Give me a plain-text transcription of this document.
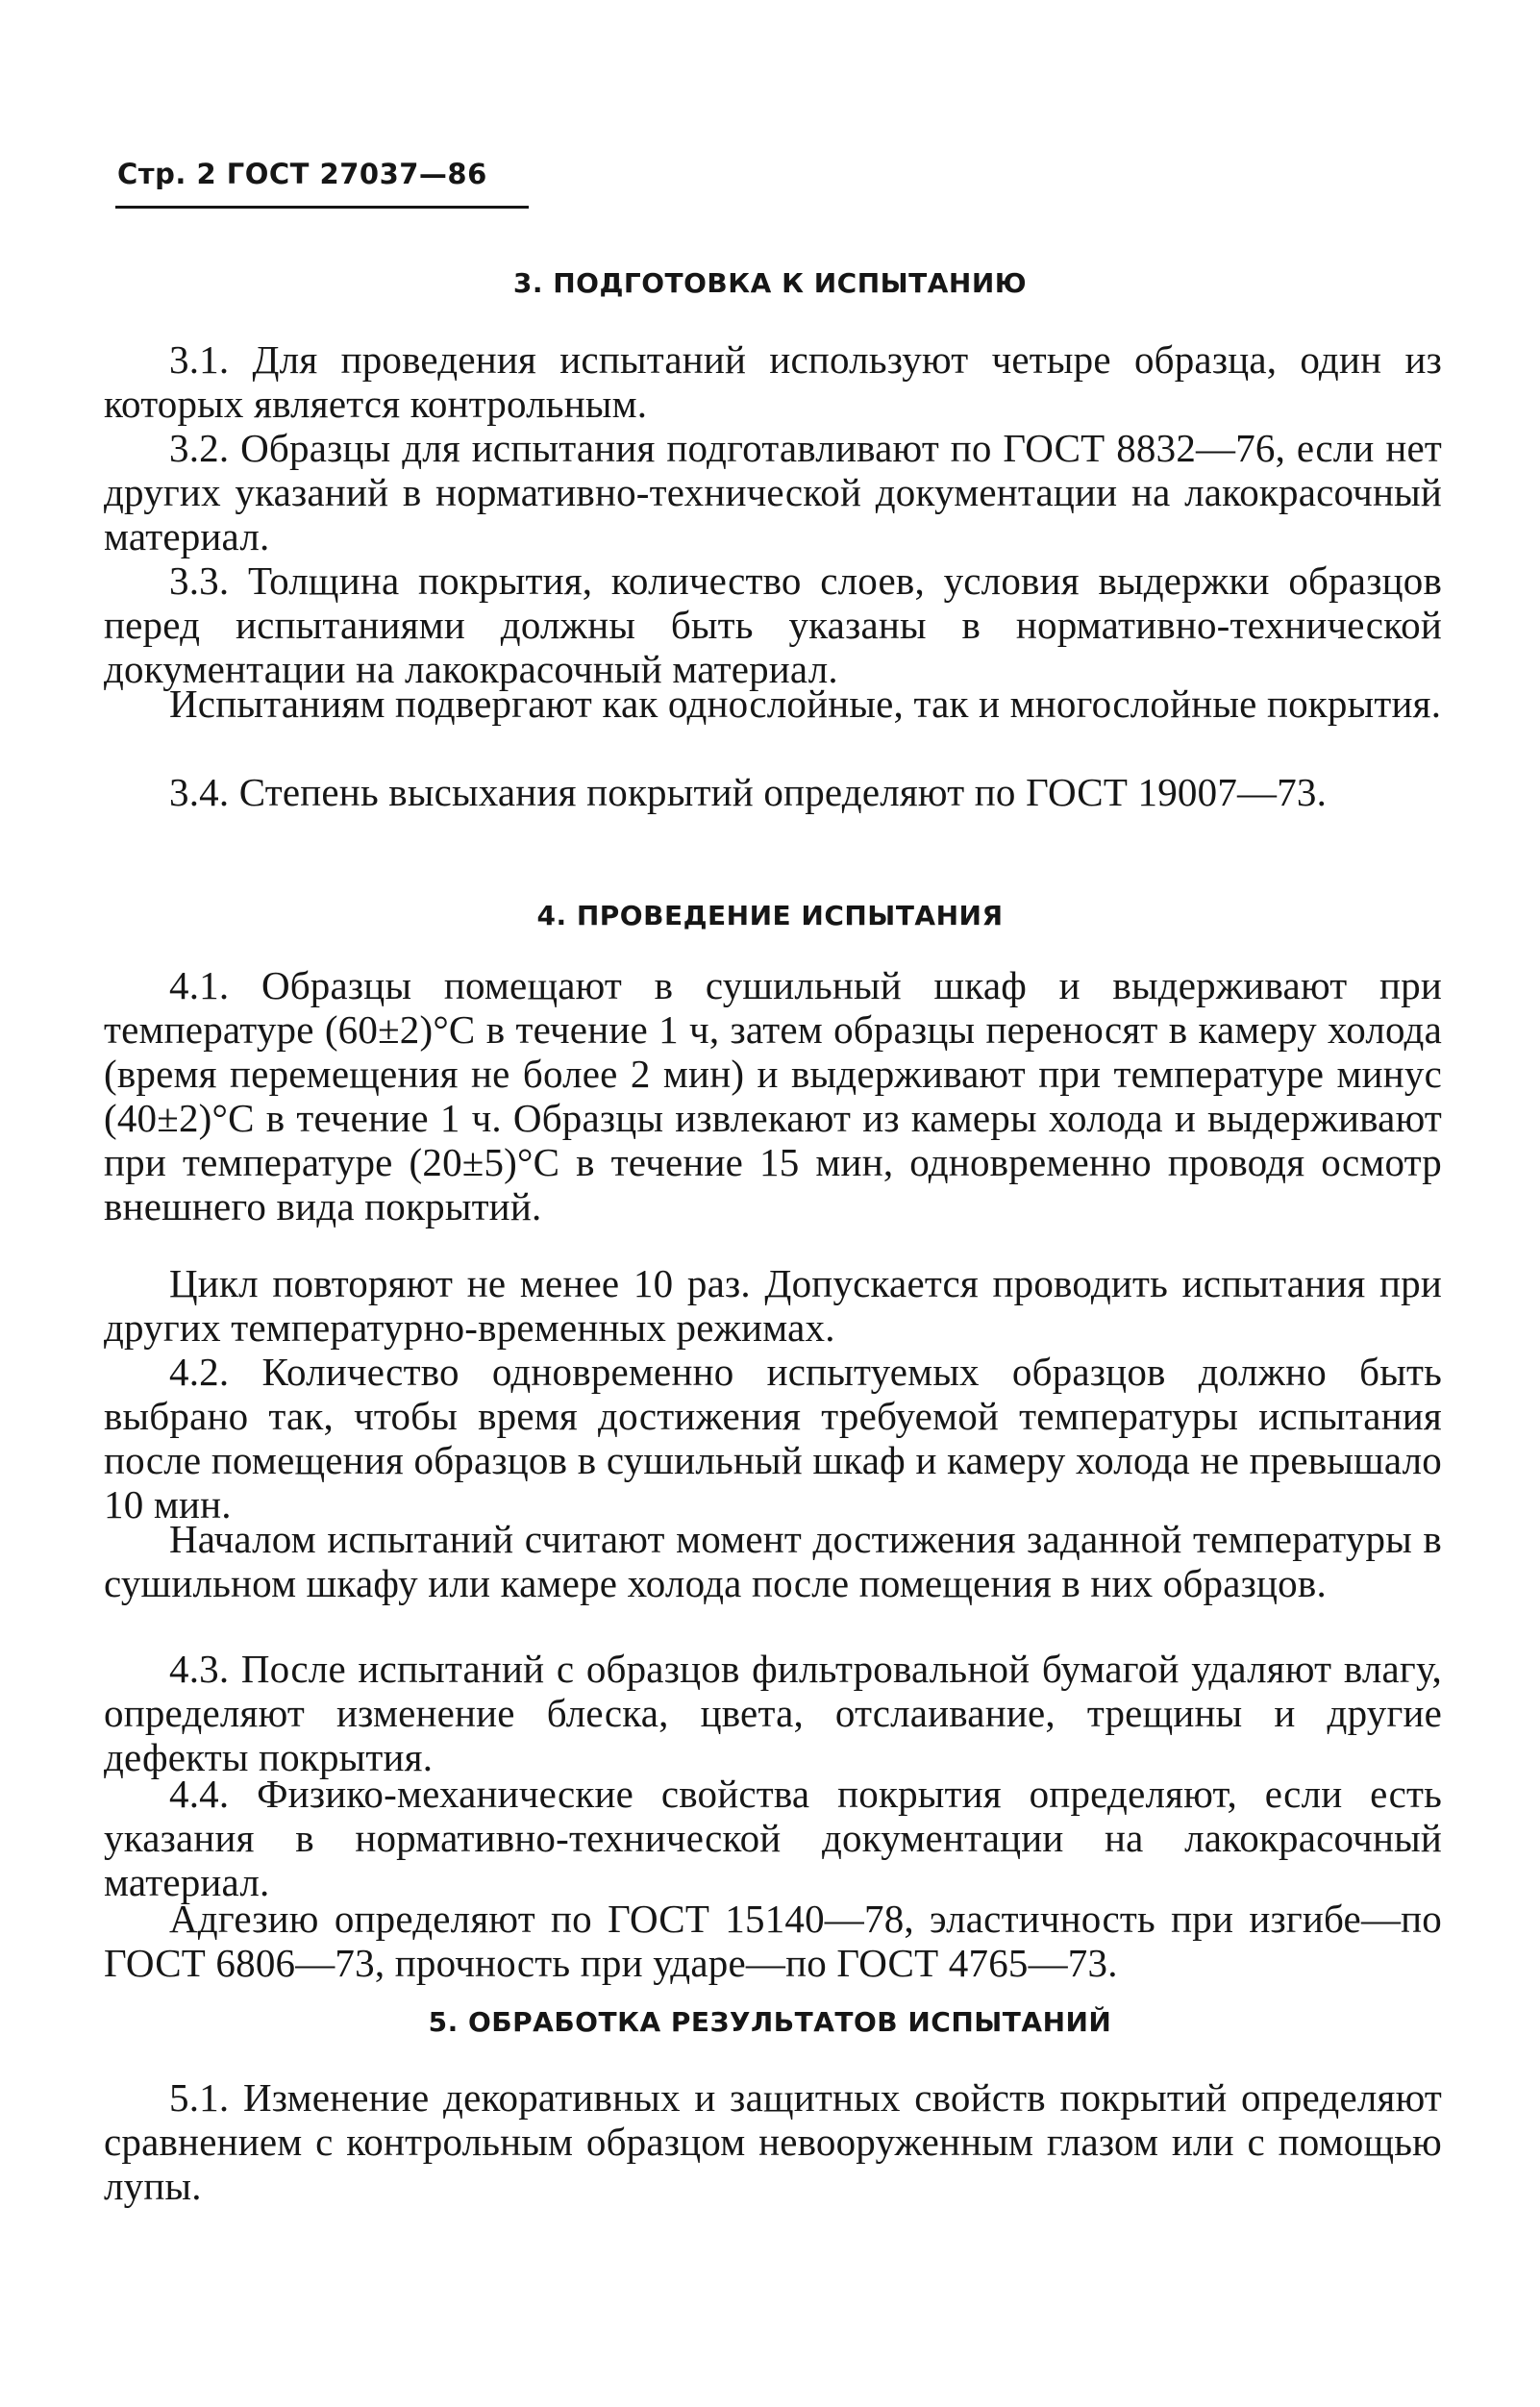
Стр. 2 ГОСТ 27037—86
3. ПОДГОТОВКА К ИСПЫТАНИЮ

3.1. Для проведения испытаний используют четыре образца, один из которых является контрольным.

3.2. Образцы для испытания подготавливают по ГОСТ 8832—76, если нет других указаний в нормативно-технической документации на лакокрасочный материал.

3.3. Толщина покрытия, количество слоев, условия выдержки образцов перед испытаниями должны быть указаны в нормативно-технической документации на лакокрасочный материал.

Испытаниям подвергают как однослойные, так и многослойные покрытия.

3.4. Степень высыхания покрытий определяют по ГОСТ 19007—73.

4. ПРОВЕДЕНИЕ ИСПЫТАНИЯ

4.1. Образцы помещают в сушильный шкаф и выдерживают при температуре (60±2)°С в течение 1 ч, затем образцы переносят в камеру холода (время перемещения не более 2 мин) и выдерживают при температуре минус (40±2)°С в течение 1 ч. Образцы извлекают из камеры холода и выдерживают при температуре (20±5)°С в течение 15 мин, одновременно проводя осмотр внешнего вида покрытий.

Цикл повторяют не менее 10 раз. Допускается проводить испытания при других температурно-временных режимах.

4.2. Количество одновременно испытуемых образцов должно быть выбрано так, чтобы время достижения требуемой температуры испытания после помещения образцов в сушильный шкаф и камеру холода не превышало 10 мин.

Началом испытаний считают момент достижения заданной температуры в сушильном шкафу или камере холода после помещения в них образцов.

4.3. После испытаний с образцов фильтровальной бумагой удаляют влагу, определяют изменение блеска, цвета, отслаивание, трещины и другие дефекты покрытия.

4.4. Физико-механические свойства покрытия определяют, если есть указания в нормативно-технической документации на лакокрасочный материал.

Адгезию определяют по ГОСТ 15140—78, эластичность при изгибе—по ГОСТ 6806—73, прочность при ударе—по ГОСТ 4765—73.

5. ОБРАБОТКА РЕЗУЛЬТАТОВ ИСПЫТАНИЙ

5.1. Изменение декоративных и защитных свойств покрытий определяют сравнением с контрольным образцом невооруженным глазом или с помощью лупы.
